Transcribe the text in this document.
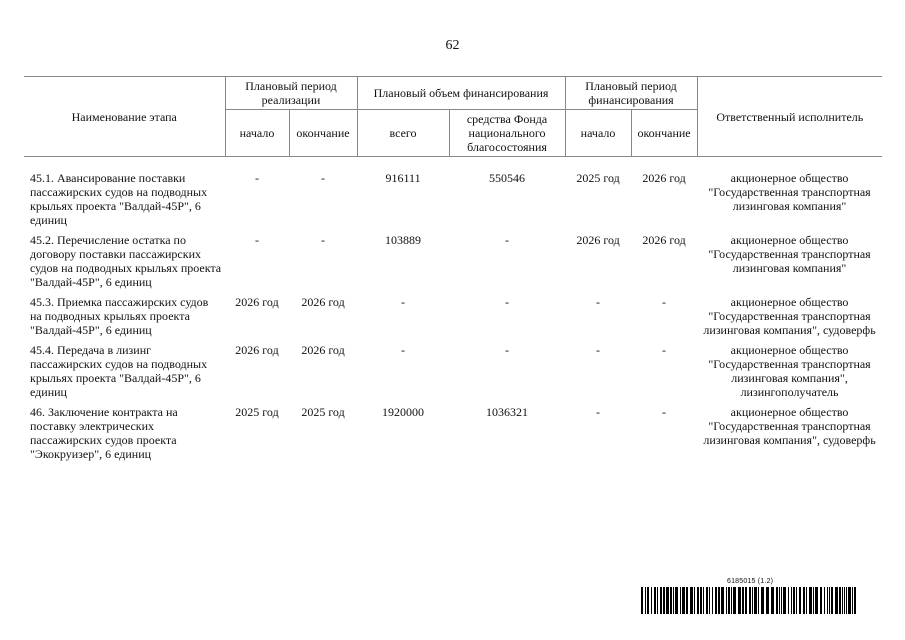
62
Наименование этапа	Плановый период реализации		Плановый объем финансирования		Плановый период финансирования		Ответственный исполнитель
	начало	окончание	всего	средства Фонда национального благосостояния	начало	окончание	
45.1. Авансирование поставки пассажирских судов на подводных крыльях проекта "Валдай-45Р", 6 единиц	-	-	916111	550546	2025 год	2026 год	акционерное общество "Государственная транспортная лизинговая компания"
45.2. Перечисление остатка по договору поставки пассажирских судов на подводных крыльях проекта "Валдай-45Р", 6 единиц	-	-	103889	-	2026 год	2026 год	акционерное общество "Государственная транспортная лизинговая компания"
45.3. Приемка пассажирских судов на подводных крыльях проекта "Валдай-45Р", 6 единиц	2026 год	2026 год	-	-	-	-	акционерное общество "Государственная транспортная лизинговая компания", судоверфь
45.4. Передача в лизинг пассажирских судов на подводных крыльях проекта "Валдай-45Р", 6 единиц	2026 год	2026 год	-	-	-	-	акционерное общество "Государственная транспортная лизинговая компания", лизингополучатель
46. Заключение контракта на поставку электрических пассажирских судов проекта "Экокруизер", 6 единиц	2025 год	2025 год	1920000	1036321	-	-	акционерное общество "Государственная транспортная лизинговая компания", судоверфь
6185015 (1.2)
